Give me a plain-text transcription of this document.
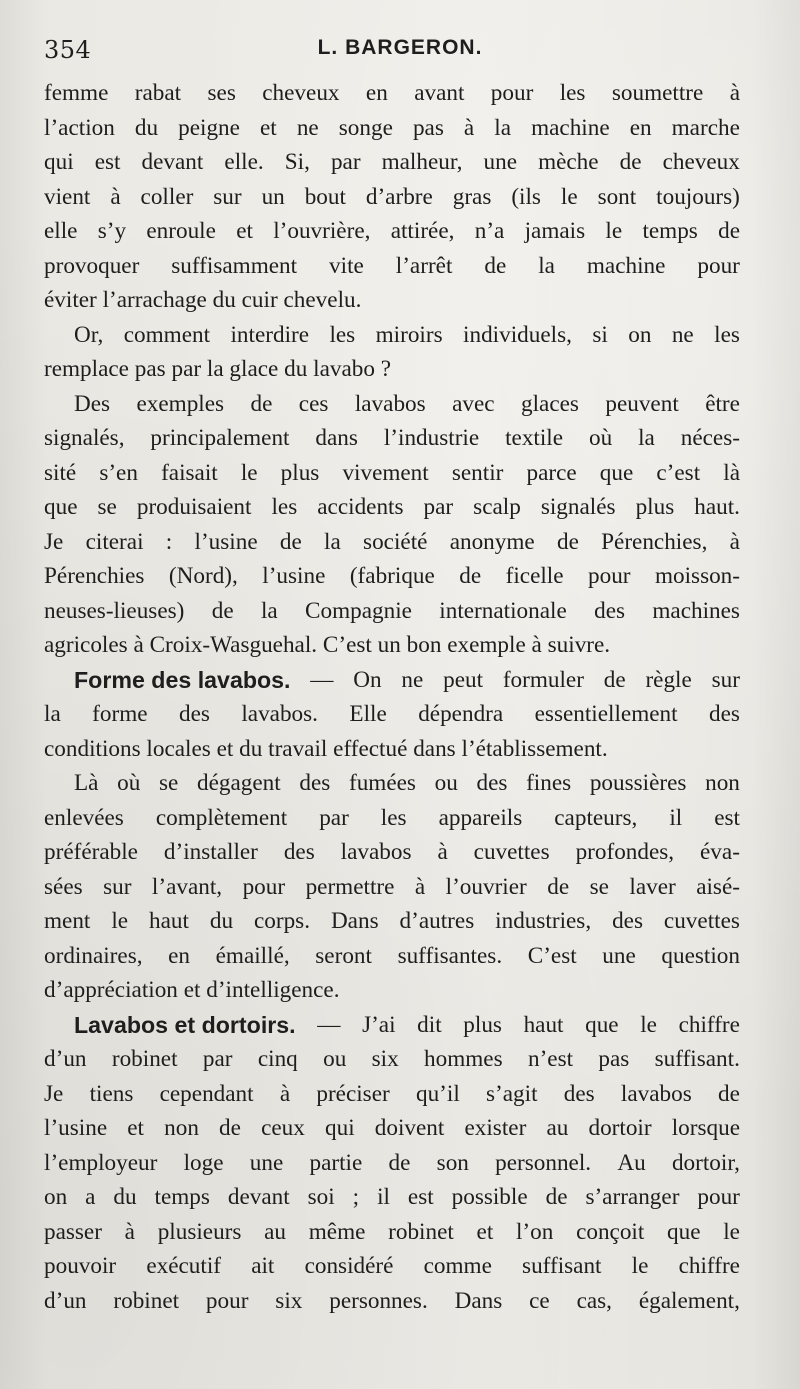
354	L. BARGERON.
femme rabat ses cheveux en avant pour les soumettre à
l’action du peigne et ne songe pas à la machine en marche
qui est devant elle. Si, par malheur, une mèche de cheveux
vient à coller sur un bout d’arbre gras (ils le sont toujours)
elle s’y enroule et l’ouvrière, attirée, n’a jamais le temps de
provoquer suffisamment vite l’arrêt de la machine pour
éviter
l’arrachage
du
cuir
chevelu.
Or, comment interdire les miroirs individuels, si on ne les
remplace
pas
par
la
glace
du
lavabo
?
Des exemples de ces lavabos avec glaces peuvent être
signalés, principalement dans l’industrie textile où la néces-
sité s’en faisait le plus vivement sentir parce que c’est là
que se produisaient les accidents par scalp signalés plus haut.
Je citerai : l’usine de la société anonyme de Pérenchies, à
Pérenchies (Nord), l’usine (fabrique de ficelle pour moisson-
neuses-lieuses) de la Compagnie internationale des machines
agricoles
à
Croix-Wasguehal.
C’est
un
bon
exemple
à
suivre.
Forme des lavabos. — On ne peut formuler de règle sur
la forme des lavabos. Elle dépendra essentiellement des
conditions
locales
et
du
travail
effectué
dans
l’établissement.
Là où se dégagent des fumées ou des fines poussières non
enlevées complètement par les appareils capteurs, il est
préférable d’installer des lavabos à cuvettes profondes, éva-
sées sur l’avant, pour permettre à l’ouvrier de se laver aisé-
ment le haut du corps. Dans d’autres industries, des cuvettes
ordinaires, en émaillé, seront suffisantes. C’est une question
d’appréciation
et
d’intelligence.
Lavabos et dortoirs. — J’ai dit plus haut que le chiffre
d’un robinet par cinq ou six hommes n’est pas suffisant.
Je tiens cependant à préciser qu’il s’agit des lavabos de
l’usine et non de ceux qui doivent exister au dortoir lorsque
l’employeur loge une partie de son personnel. Au dortoir,
on a du temps devant soi ; il est possible de s’arranger pour
passer à plusieurs au même robinet et l’on conçoit que le
pouvoir exécutif ait considéré comme suffisant le chiffre
d’un robinet pour six personnes. Dans ce cas, également,
